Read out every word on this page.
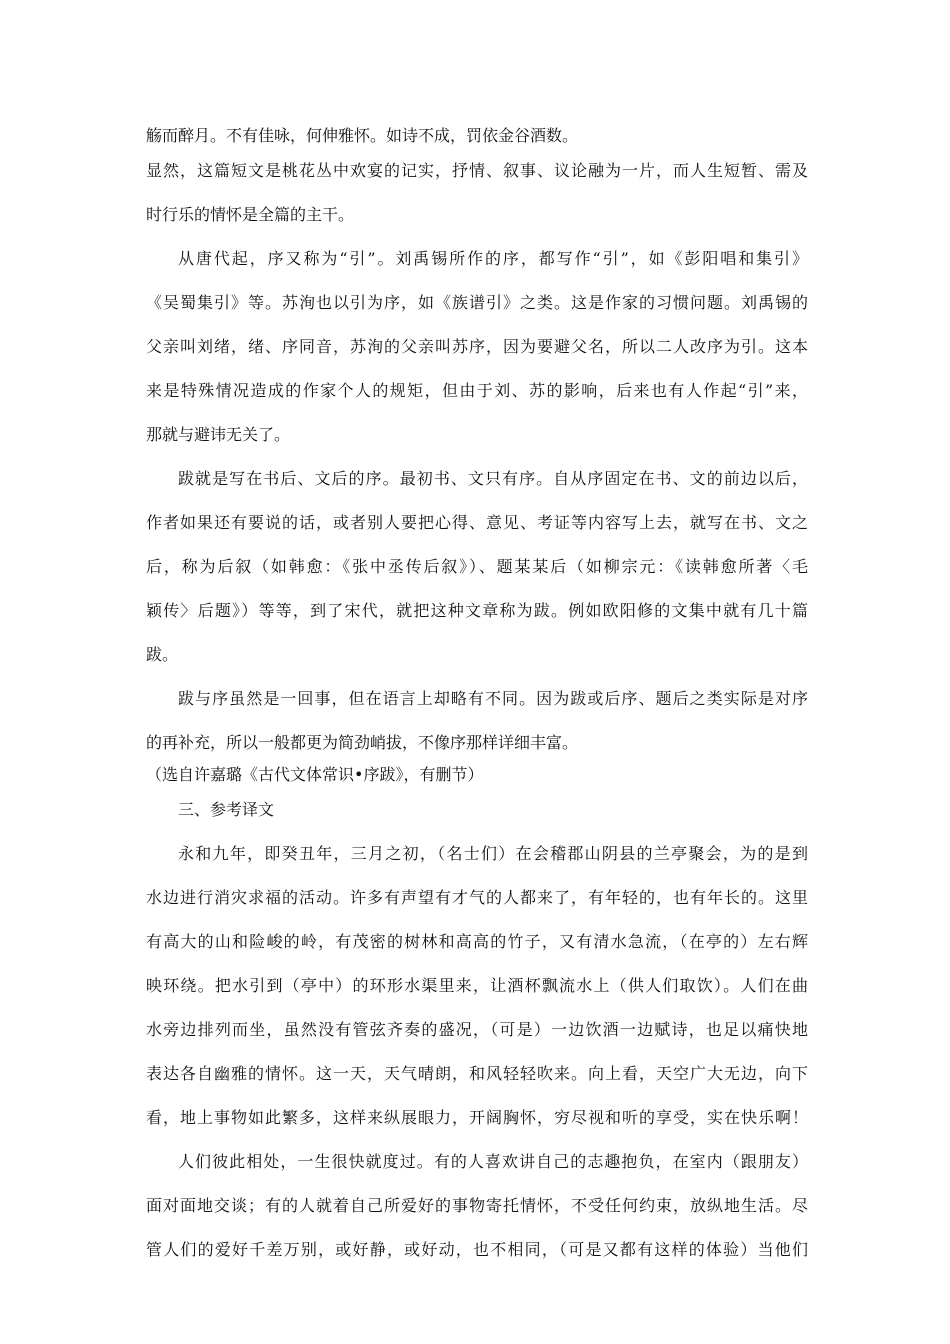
觞而醉月。不有佳咏，何伸雅怀。如诗不成，罚依金谷酒数。
显然，这篇短文是桃花丛中欢宴的记实，抒情、叙事、议论融为一片，而人生短暂、需及
时行乐的情怀是全篇的主干。
从唐代起，序又称为“引”。刘禹锡所作的序，都写作“引”，如《彭阳唱和集引》
《吴蜀集引》等。苏洵也以引为序，如《族谱引》之类。这是作家的习惯问题。刘禹锡的
父亲叫刘绪，绪、序同音，苏洵的父亲叫苏序，因为要避父名，所以二人改序为引。这本
来是特殊情况造成的作家个人的规矩，但由于刘、苏的影响，后来也有人作起“引”来，
那就与避讳无关了。
跋就是写在书后、文后的序。最初书、文只有序。自从序固定在书、文的前边以后，
作者如果还有要说的话，或者别人要把心得、意见、考证等内容写上去，就写在书、文之
后，称为后叙（如韩愈：《张中丞传后叙》）、题某某后（如柳宗元：《读韩愈所著〈毛
颖传〉后题》）等等，到了宋代，就把这种文章称为跋。例如欧阳修的文集中就有几十篇
跋。
跋与序虽然是一回事，但在语言上却略有不同。因为跋或后序、题后之类实际是对序
的再补充，所以一般都更为简劲峭拔，不像序那样详细丰富。
（选自许嘉璐《古代文体常识•序跋》，有删节）
三、参考译文
永和九年，即癸丑年，三月之初，（名士们）在会稽郡山阴县的兰亭聚会，为的是到
水边进行消灾求福的活动。许多有声望有才气的人都来了，有年轻的，也有年长的。这里
有高大的山和险峻的岭，有茂密的树林和高高的竹子，又有清水急流，（在亭的）左右辉
映环绕。把水引到（亭中）的环形水渠里来，让酒杯飘流水上（供人们取饮）。人们在曲
水旁边排列而坐，虽然没有管弦齐奏的盛况，（可是）一边饮酒一边赋诗，也足以痛快地
表达各自幽雅的情怀。这一天，天气晴朗，和风轻轻吹来。向上看，天空广大无边，向下
看，地上事物如此繁多，这样来纵展眼力，开阔胸怀，穷尽视和听的享受，实在快乐啊！
人们彼此相处，一生很快就度过。有的人喜欢讲自己的志趣抱负，在室内（跟朋友）
面对面地交谈；有的人就着自己所爱好的事物寄托情怀，不受任何约束，放纵地生活。尽
管人们的爱好千差万别，或好静，或好动，也不相同，（可是又都有这样的体验）当他们
